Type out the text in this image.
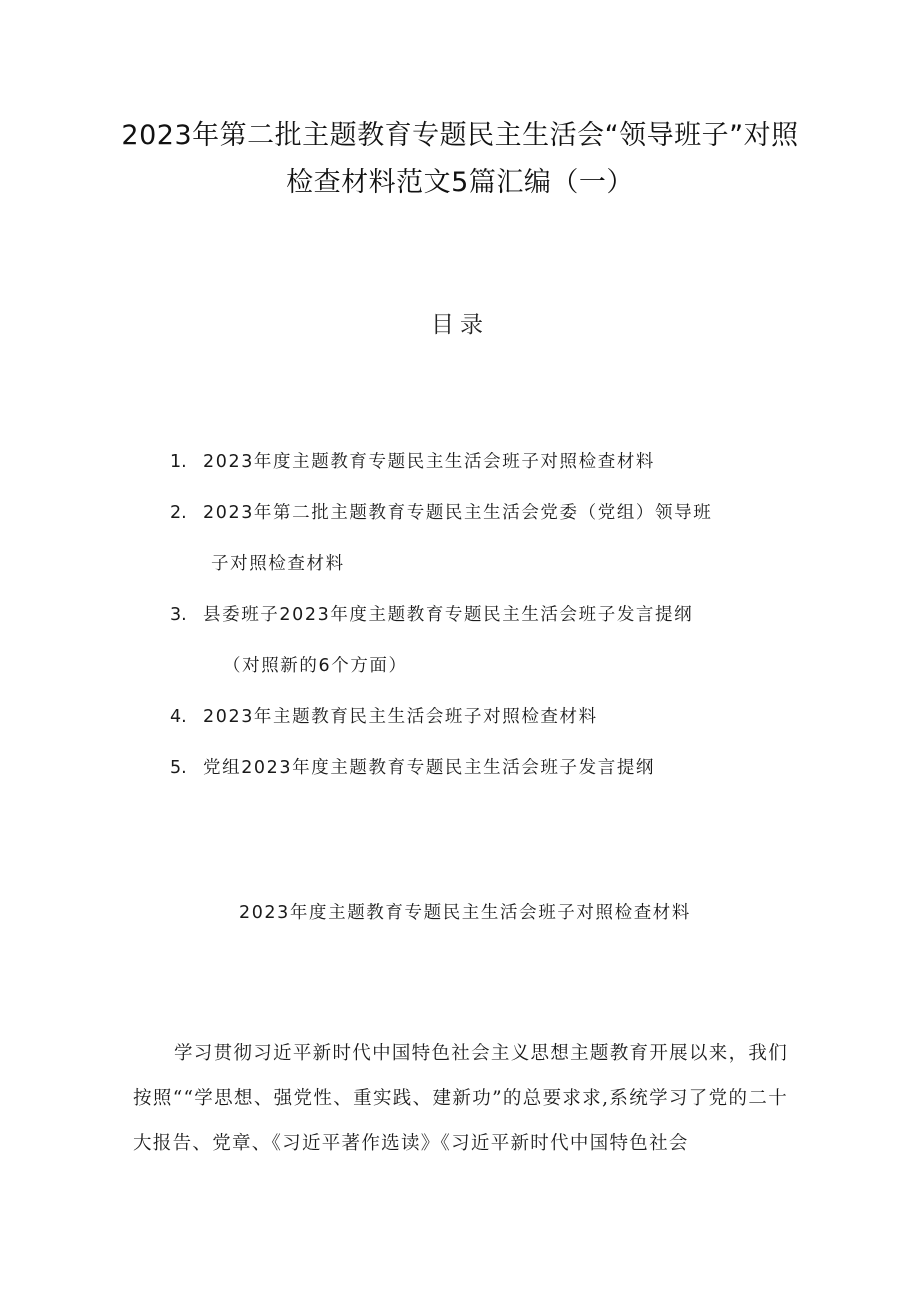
2023年第二批主题教育专题民主生活会“领导班子”对照检查材料范文5篇汇编（一）
目录
1. 2023年度主题教育专题民主生活会班子对照检查材料
2. 2023年第二批主题教育专题民主生活会党委（党组）领导班
子对照检查材料
3. 县委班子2023年度主题教育专题民主生活会班子发言提纲
（对照新的6个方面）
4. 2023年主题教育民主生活会班子对照检查材料
5. 党组2023年度主题教育专题民主生活会班子发言提纲
2023年度主题教育专题民主生活会班子对照检查材料

学习贯彻习近平新时代中国特色社会主义思想主题教育开展以来，我们按照““学思想、强党性、重实践、建新功”的总要求求,系统学习了党的二十大报告、党章、《习近平著作选读》《习近平新时代中国特色社会
